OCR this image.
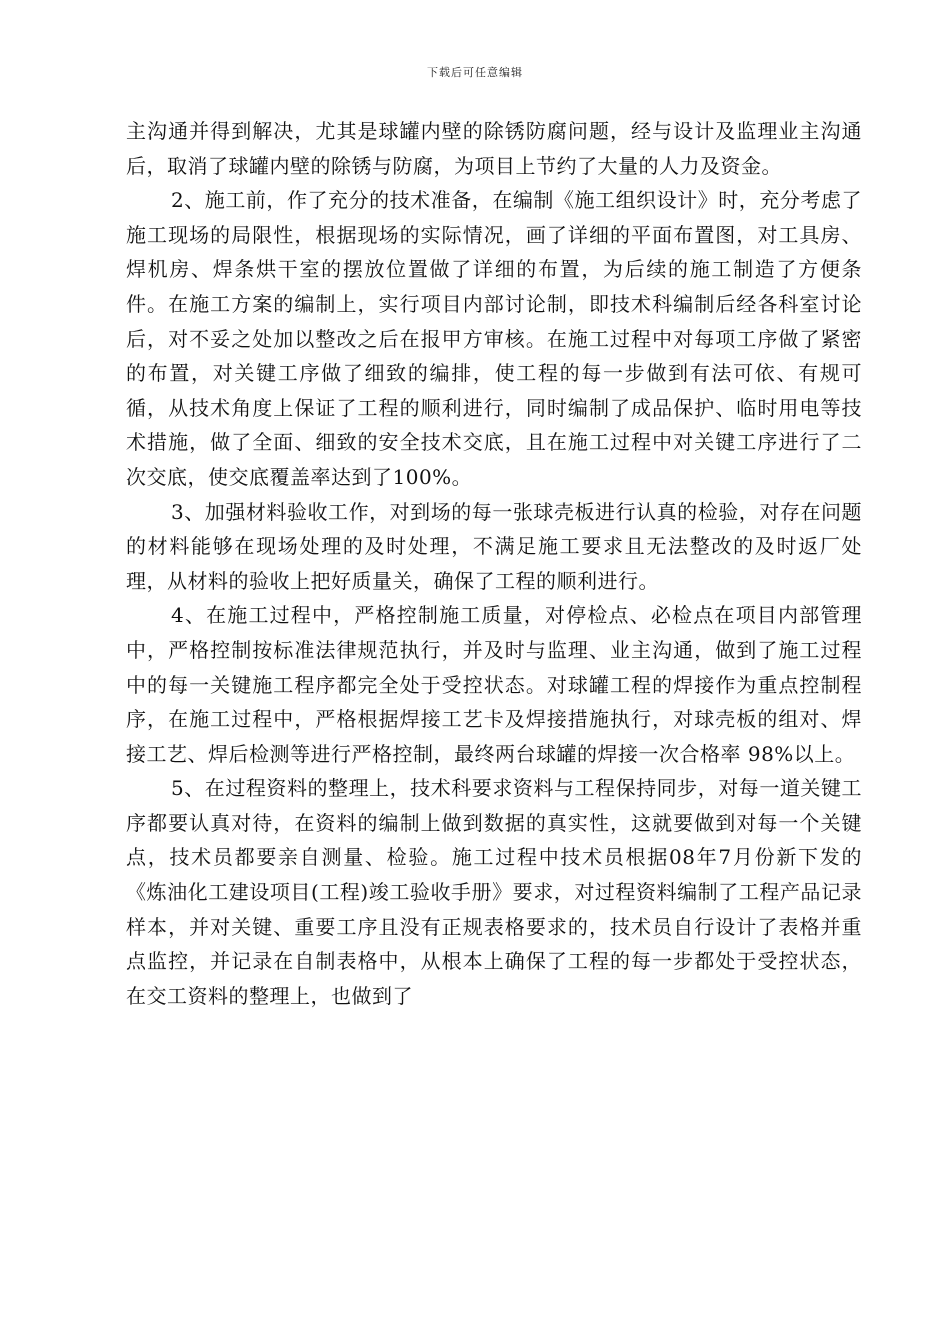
下载后可任意编辑

主沟通并得到解决，尤其是球罐内壁的除锈防腐问题，经与设计及监理业主沟通后，取消了球罐内壁的除锈与防腐，为项目上节约了大量的人力及资金。

2、施工前，作了充分的技术准备，在编制《施工组织设计》时，充分考虑了施工现场的局限性，根据现场的实际情况，画了详细的平面布置图，对工具房、焊机房、焊条烘干室的摆放位置做了详细的布置，为后续的施工制造了方便条件。在施工方案的编制上，实行项目内部讨论制，即技术科编制后经各科室讨论后，对不妥之处加以整改之后在报甲方审核。在施工过程中对每项工序做了紧密的布置，对关键工序做了细致的编排，使工程的每一步做到有法可依、有规可循，从技术角度上保证了工程的顺利进行，同时编制了成品保护、临时用电等技术措施，做了全面、细致的安全技术交底，且在施工过程中对关键工序进行了二次交底，使交底覆盖率达到了100%。

3、加强材料验收工作，对到场的每一张球壳板进行认真的检验，对存在问题的材料能够在现场处理的及时处理，不满足施工要求且无法整改的及时返厂处理，从材料的验收上把好质量关，确保了工程的顺利进行。

4、在施工过程中，严格控制施工质量，对停检点、必检点在项目内部管理中，严格控制按标准法律规范执行，并及时与监理、业主沟通，做到了施工过程中的每一关键施工程序都完全处于受控状态。对球罐工程的焊接作为重点控制程序，在施工过程中，严格根据焊接工艺卡及焊接措施执行，对球壳板的组对、焊接工艺、焊后检测等进行严格控制，最终两台球罐的焊接一次合格率 98%以上。

5、在过程资料的整理上，技术科要求资料与工程保持同步，对每一道关键工序都要认真对待，在资料的编制上做到数据的真实性，这就要做到对每一个关键点，技术员都要亲自测量、检验。施工过程中技术员根据08年7月份新下发的《炼油化工建设项目(工程)竣工验收手册》要求，对过程资料编制了工程产品记录样本，并对关键、重要工序且没有正规表格要求的，技术员自行设计了表格并重点监控，并记录在自制表格中，从根本上确保了工程的每一步都处于受控状态，在交工资料的整理上，也做到了
